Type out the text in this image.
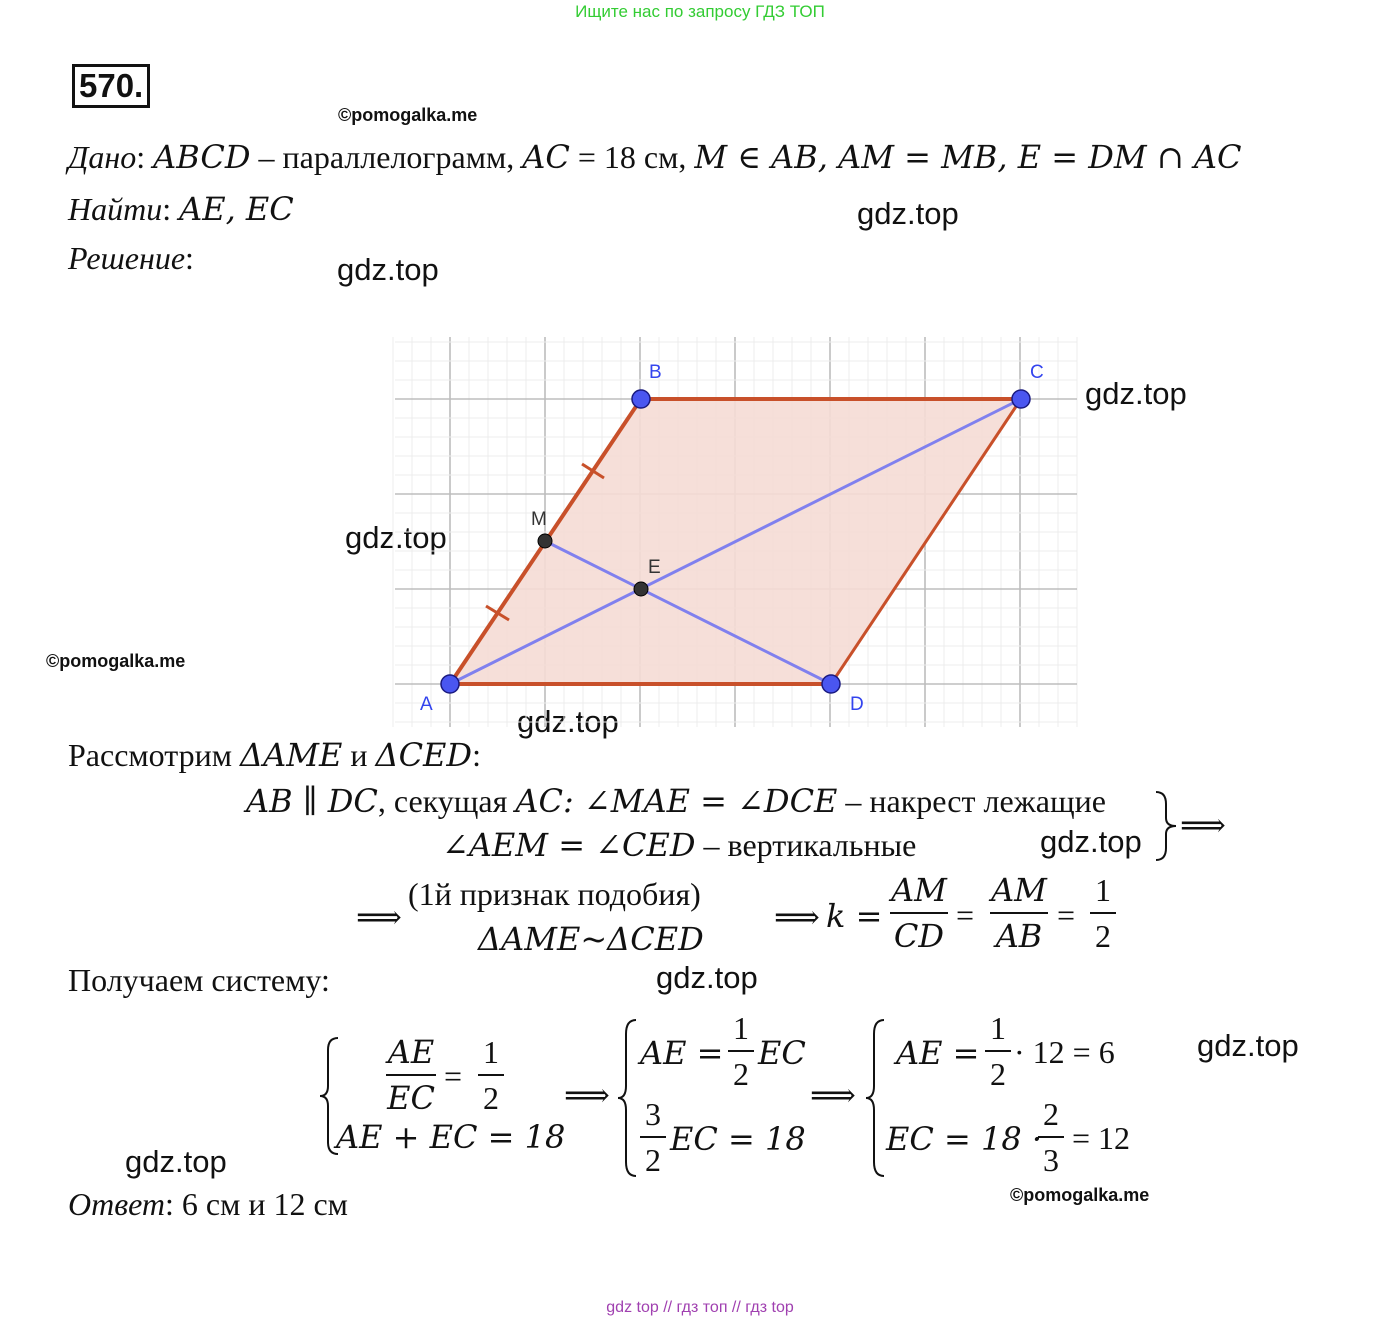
Ищите нас по запросу ГДЗ ТОП
570.
©pomogalka.me
©pomogalka.me
©pomogalka.me
gdz.top
gdz.top
gdz.top
gdz.top
gdz.top
gdz.top
gdz.top
gdz.top
gdz.top
Дано: ABCD – параллелограмм, AC = 18 см, M ∈ AB, AM = MB, E = DM ∩ AC
Найти: AE, EC
Решение:
A
B	C
D
M
E
Рассмотрим ΔAME и ΔCED:
AB ∥ DC, секущая AC: ∠MAE = ∠DCE – накрест лежащие
∠AEM = ∠CED – вертикальные
⟹
⟹
(1й признак подобия)
ΔAME~ΔCED
⟹ k =
AM
CD
=
AM
AB
=
1
2
Получаем систему:
AE
EC
=
1
2
AE + EC = 18
⟹
AE =
1
2
EC
3
2
EC = 18
⟹
AE =
1
2
· 12 = 6
EC = 18 ·
2
3
= 12
Ответ: 6 см и 12 см
gdz top // гдз топ // гдз top
